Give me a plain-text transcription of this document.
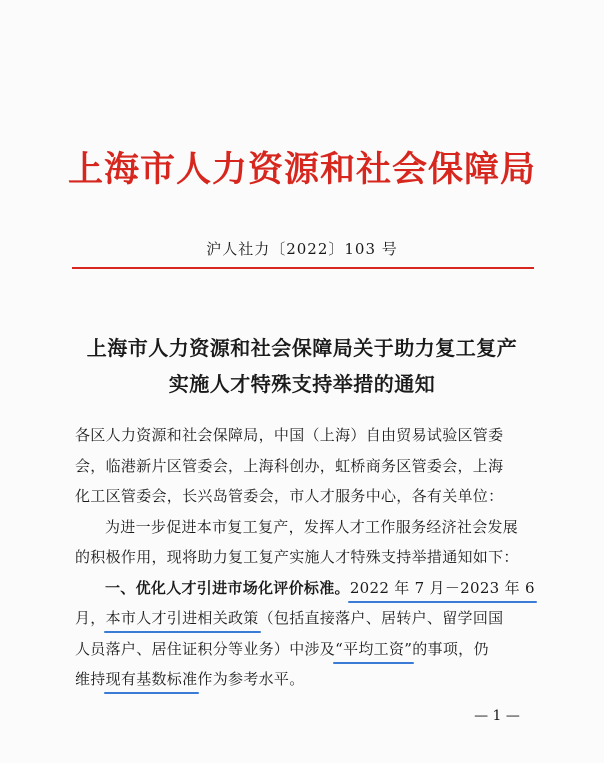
上海市人力资源和社会保障局
沪人社力〔2022〕103 号
上海市人力资源和社会保障局关于助力复工复产
实施人才特殊支持举措的通知
各区人力资源和社会保障局，中国（上海）自由贸易试验区管委
会，临港新片区管委会，上海科创办，虹桥商务区管委会，上海
化工区管委会，长兴岛管委会，市人才服务中心，各有关单位：
为进一步促进本市复工复产，发挥人才工作服务经济社会发展
的积极作用，现将助力复工复产实施人才特殊支持举措通知如下：
一、优化人才引进市场化评价标准。2022 年 7 月－2023 年 6
月，本市人才引进相关政策（包括直接落户、居转户、留学回国
人员落户、居住证积分等业务）中涉及“平均工资”的事项，仍
维持现有基数标准作为参考水平。
— 1 —
